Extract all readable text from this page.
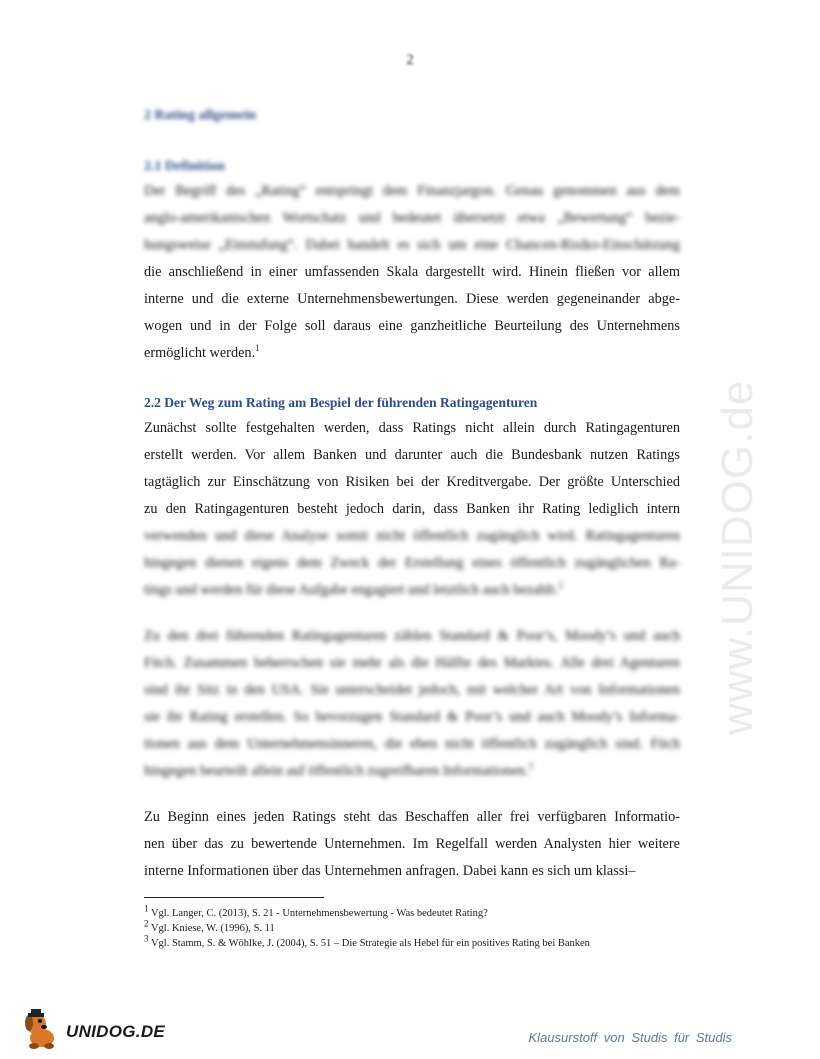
2
2 Rating allgemein
2.1 Definition
Der Begriff des „Rating“ entspringt dem Finanzjargon. Genau genommen aus dem
anglo-amerikanischen Wortschatz und bedeutet übersetzt etwa „Bewertung“ bezie-
hungsweise „Einstufung“. Dabei handelt es sich um eine Chancen-Risiko-Einschätzung
die anschließend in einer umfassenden Skala dargestellt wird. Hinein fließen vor allem
interne und die externe Unternehmensbewertungen. Diese werden gegeneinander abge-
wogen und in der Folge soll daraus eine ganzheitliche Beurteilung des Unternehmens
ermöglicht werden.$^1$
2.2 Der Weg zum Rating am Bespiel der führenden Ratingagenturen
Zunächst sollte festgehalten werden, dass Ratings nicht allein durch Ratingagenturen
erstellt werden. Vor allem Banken und darunter auch die Bundesbank nutzen Ratings
tagtäglich zur Einschätzung von Risiken bei der Kreditvergabe. Der größte Unterschied
zu den Ratingagenturen besteht jedoch darin, dass Banken ihr Rating lediglich intern
verwenden und diese Analyse somit nicht öffentlich zugänglich wird. Ratingagenturen
hingegen dienen eigens dem Zweck der Erstellung eines öffentlich zugänglichen Ra-
tings und werden für diese Aufgabe engagiert und letztlich auch bezahlt.$^2$
Zu den drei führenden Ratingagenturen zählen Standard & Poor’s, Moody’s und auch
Fitch. Zusammen beherrschen sie mehr als die Hälfte des Marktes. Alle drei Agenturen
sind ihr Sitz in den USA. Sie unterscheidet jedoch, mit welcher Art von Informationen
sie ihr Rating erstellen. So bevorzugen Standard & Poor’s und auch Moody’s Informa-
tionen aus dem Unternehmensinneren, die eben nicht öffentlich zugänglich sind. Fitch
hingegen beurteilt allein auf öffentlich zugreifbaren Informationen.$^3$
Zu Beginn eines jeden Ratings steht das Beschaffen aller frei verfügbaren Informatio-
nen über das zu bewertende Unternehmen. Im Regelfall werden Analysten hier weitere
interne Informationen über das Unternehmen anfragen. Dabei kann es sich um klassi–
$^1$ Vgl. Langer, C. (2013), S. 21 - Unternehmensbewertung - Was bedeutet Rating?
$^2$ Vgl. Kniese, W. (1996), S. 11
$^3$ Vgl. Stamm, S. & Wöhlke, J. (2004), S. 51 – Die Strategie als Hebel für ein positives Rating bei Banken
www.UNIDOG.de
UNIDOG.DE	Klausurstoff von Studis für Studis
